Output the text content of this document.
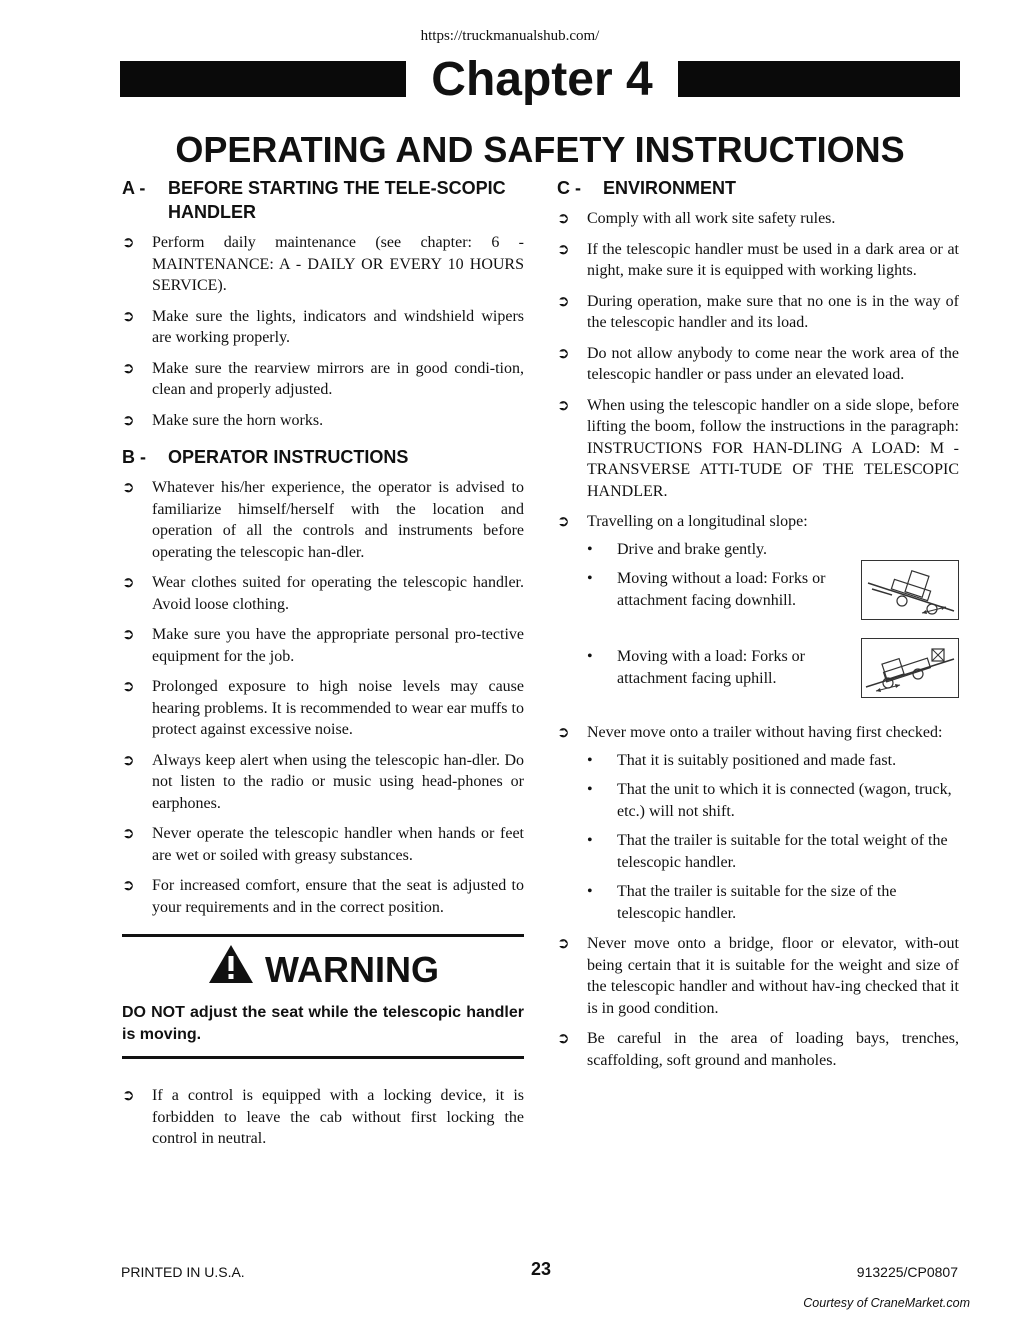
https://truckmanualshub.com/
Chapter 4
OPERATING AND SAFETY INSTRUCTIONS
A -	BEFORE STARTING THE TELE-SCOPIC HANDLER
➲	Perform daily maintenance (see chapter: 6 - MAINTENANCE: A - DAILY OR EVERY 10 HOURS SERVICE).
➲	Make sure the lights, indicators and windshield wipers are working properly.
➲	Make sure the rearview mirrors are in good condi-tion, clean and properly adjusted.
➲	Make sure the horn works.
B -	OPERATOR INSTRUCTIONS
➲	Whatever his/her experience, the operator is advised to familiarize himself/herself with the location and operation of all the controls and instruments before operating the telescopic han-dler.
➲	Wear clothes suited for operating the telescopic handler. Avoid loose clothing.
➲	Make sure you have the appropriate personal pro-tective equipment for the job.
➲	Prolonged exposure to high noise levels may cause hearing problems. It is recommended to wear ear muffs to protect against excessive noise.
➲	Always keep alert when using the telescopic han-dler. Do not listen to the radio or music using head-phones or earphones.
➲	Never operate the telescopic handler when hands or feet are wet or soiled with greasy substances.
➲	For increased comfort, ensure that the seat is adjusted to your requirements and in the correct position.
WARNING
DO NOT adjust the seat while the telescopic handler is moving.
➲	If a control is equipped with a locking device, it is forbidden to leave the cab without first locking the control in neutral.
C -	ENVIRONMENT
➲	Comply with all work site safety rules.
➲	If the telescopic handler must be used in a dark area or at night, make sure it is equipped with working lights.
➲	During operation, make sure that no one is in the way of the telescopic handler and its load.
➲	Do not allow anybody to come near the work area of the telescopic handler or pass under an elevated load.
➲	When using the telescopic handler on a side slope, before lifting the boom, follow the instructions in the paragraph: INSTRUCTIONS FOR HAN-DLING A LOAD: M - TRANSVERSE ATTI-TUDE OF THE TELESCOPIC HANDLER.
➲	Travelling on a longitudinal slope:
•	Drive and brake gently.
•	Moving without a load: Forks or attachment facing downhill.
•	Moving with a load: Forks or attachment facing uphill.
➲	Never move onto a trailer without having first checked:
•	That it is suitably positioned and made fast.
•	That the unit to which it is connected (wagon, truck, etc.) will not shift.
•	That the trailer is suitable for the total weight of the telescopic handler.
•	That the trailer is suitable for the size of the telescopic handler.
➲	Never move onto a bridge, floor or elevator, with-out being certain that it is suitable for the weight and size of the telescopic handler and without hav-ing checked that it is in good condition.
➲	Be careful in the area of loading bays, trenches, scaffolding, soft ground and manholes.
PRINTED IN U.S.A.	23	913225/CP0807
Courtesy of CraneMarket.com
